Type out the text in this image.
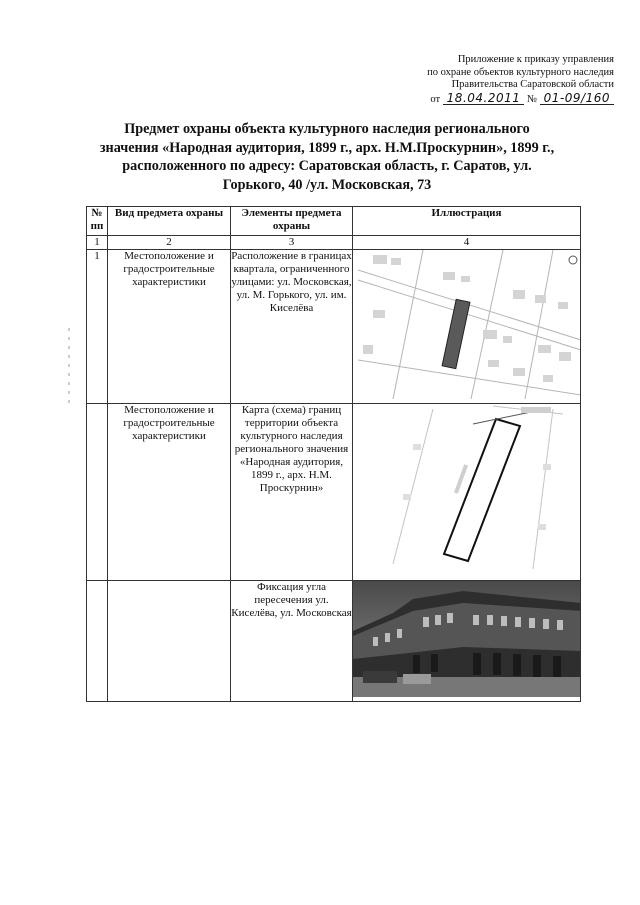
Приложение к приказу управления
по охране объектов культурного наследия
Правительства Саратовской области
от 18.04.2011 № 01-09/160
Предмет охраны объекта культурного наследия регионального
значения «Народная аудитория, 1899 г., арх. Н.М.Проскурнин», 1899 г.,
расположенного по адресу: Саратовская область, г. Саратов, ул.
Горького, 40 /ул. Московская, 73
№ пп	Вид предмета охраны	Элементы предмета охраны	Иллюстрация
1	2	3	4
1	Местоположение и градостроительные характеристики	Расположение в границах квартала, ограниченного улицами: ул. Московская, ул. М. Горького, ул. им. Киселёва	
	Местоположение и градостроительные характеристики	Карта (схема) границ территории объекта культурного наследия регионального значения «Народная аудитория, 1899 г., арх. Н.М. Проскурнин»	
		Фиксация угла пересечения ул. Киселёва, ул. Московская	
